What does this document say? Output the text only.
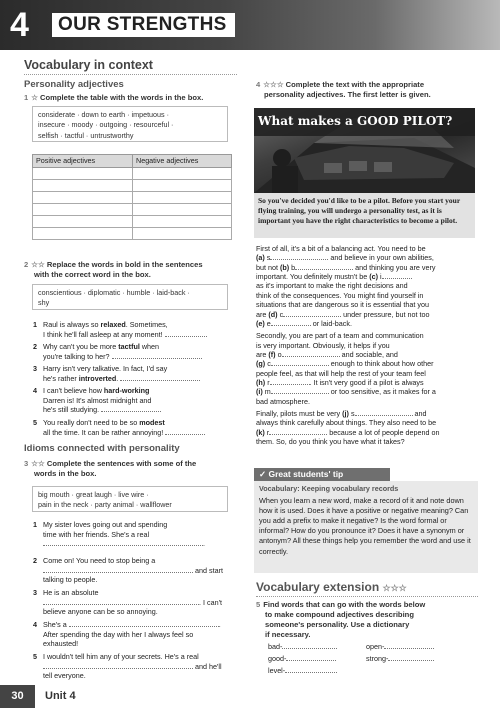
4	OUR STRENGTHS
Vocabulary in context
Personality adjectives
1 ☆ Complete the table with the words in the box.
considerate · down to earth · impetuous ·
insecure · moody · outgoing · resourceful ·
selfish · tactful · untrustworthy
Positive adjectives	Negative adjectives

2 ☆☆ Replace the words in bold in the sentences
with the correct word in the box.
conscientious · diplomatic · humble · laid-back ·
shy
1 Raul is always so relaxed. Sometimes,
I think he'll fall asleep at any moment!
2 Why can't you be more tactful when
you're talking to her?
3 Harry isn't very talkative. In fact, I'd say
he's rather introverted.
4 I can't believe how hard-working
Darren is! It's almost midnight and
he's still studying.
5 You really don't need to be so modest
all the time. It can be rather annoying!
Idioms connected with personality
3 ☆☆ Complete the sentences with some of the
words in the box.
big mouth · great laugh · live wire ·
pain in the neck · party animal · wallflower
1 My sister loves going out and spending
time with her friends. She's a real
.
2 Come on! You need to stop being a
and start
talking to people.
3 He is an absolute
. I can't
believe anyone can be so annoying.
4 She's a	.
After spending the day with her I always feel so
exhausted!
5 I wouldn't tell him any of your secrets. He's a real
and he'll
tell everyone.
4 ☆☆☆ Complete the text with the appropriate
personality adjectives. The first letter is given.
What makes a GOOD PILOT?
So you've decided you'd like to be a pilot. Before you start your flying training, you will undergo a personality test, as it is important you have the right characteristics to become a pilot.

First of all, it's a bit of a balancing act. You need to be
(a) s	and believe in your own abilities,
but not (b) b	and thinking you are very
important. You definitely mustn't be (c) i
as it's important to make the right decisions and
think of the consequences. You might find yourself in
situations that are dangerous so it is essential that you
are (d) c	under pressure, but not too
(e) e	or laid-back.

Secondly, you are part of a team and communication
is very important. Obviously, it helps if you
are (f) o	and sociable, and
(g) c	enough to think about how other
people feel, as that will help the rest of your team feel
(h) r	. It isn't very good if a pilot is always
(i) m	or too sensitive, as it makes for a
bad atmosphere.

Finally, pilots must be very (j) s	and
always think carefully about things. They also need to be
(k) r	because a lot of people depend on
them. So, do you think you have what it takes?

✓ Great students' tip
Vocabulary: Keeping vocabulary records
When you learn a new word, make a record of it and note down how it is used. Does it have a positive or negative meaning? Can you add a prefix to make it negative? Is the word formal or informal? How do you pronounce it? Does it have a synonym or antonym? All these things help you remember the word and use it correctly.
Vocabulary extension ☆☆☆
5 Find words that can go with the words below
to make compound adjectives describing
someone's personality. Use a dictionary
if necessary.
bad-
good-
level-
open-
strong-
30	Unit 4
